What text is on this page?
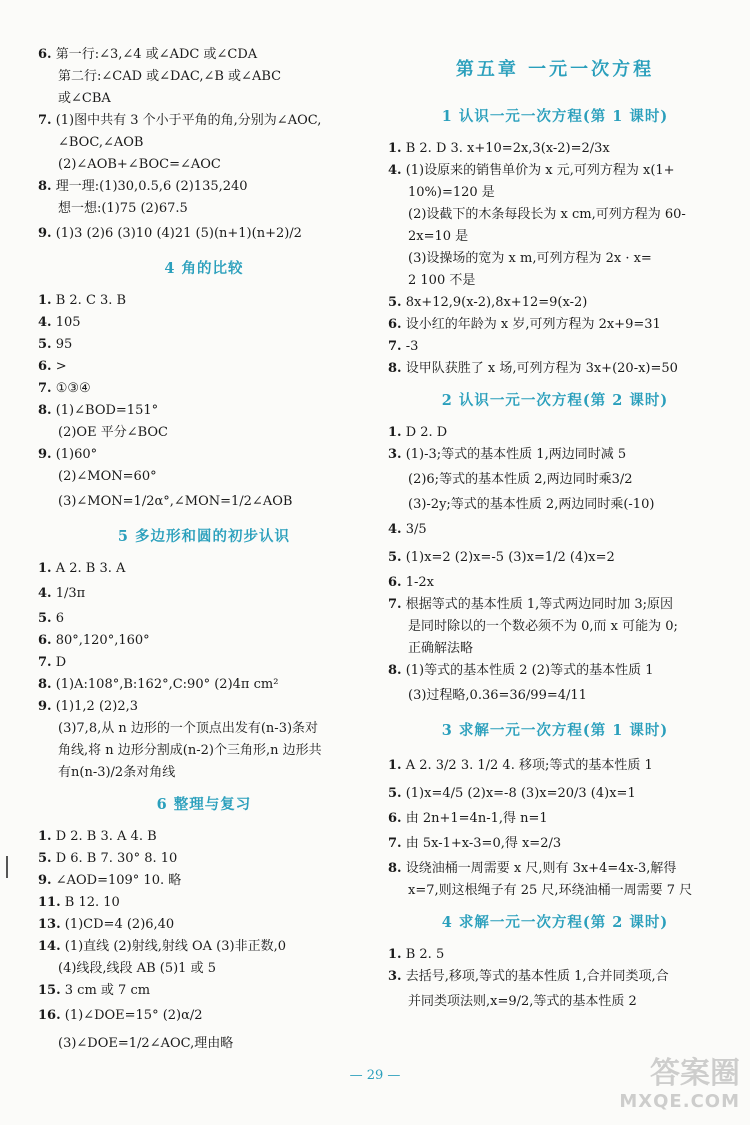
6. 第一行:∠3,∠4 或∠ADC 或∠CDA
第二行:∠CAD 或∠DAC,∠B 或∠ABC
或∠CBA
7. (1)图中共有 3 个小于平角的角,分别为∠AOC,
∠BOC,∠AOB
(2)∠AOB+∠BOC=∠AOC
8. 理一理:(1)30,0.5,6 (2)135,240
想一想:(1)75 (2)67.5
9. (1)3 (2)6 (3)10 (4)21 (5)(n+1)(n+2)/2
4 角的比较
1. B 2. C 3. B
4. 105
5. 95
6. >
7. ①③④
8. (1)∠BOD=151°
(2)OE 平分∠BOC
9. (1)60°
(2)∠MON=60°
(3)∠MON=1/2α°,∠MON=1/2∠AOB
5 多边形和圆的初步认识
1. A 2. B 3. A
4. 1/3π
5. 6
6. 80°,120°,160°
7. D
8. (1)A:108°,B:162°,C:90° (2)4π cm²
9. (1)1,2 (2)2,3
(3)7,8,从 n 边形的一个顶点出发有(n-3)条对
角线,将 n 边形分割成(n-2)个三角形,n 边形共
有n(n-3)/2条对角线
6 整理与复习
1. D 2. B 3. A 4. B
5. D 6. B 7. 30° 8. 10
9. ∠AOD=109° 10. 略
11. B 12. 10
13. (1)CD=4 (2)6,40
14. (1)直线 (2)射线,射线 OA (3)非正数,0
(4)线段,线段 AB (5)1 或 5
15. 3 cm 或 7 cm
16. (1)∠DOE=15° (2)α/2
(3)∠DOE=1/2∠AOC,理由略
第五章 一元一次方程
1 认识一元一次方程(第 1 课时)
1. B 2. D 3. x+10=2x,3(x-2)=2/3x
4. (1)设原来的销售单价为 x 元,可列方程为 x(1+
10%)=120 是
(2)设截下的木条每段长为 x cm,可列方程为 60-
2x=10 是
(3)设操场的宽为 x m,可列方程为 2x · x=
2 100 不是
5. 8x+12,9(x-2),8x+12=9(x-2)
6. 设小红的年龄为 x 岁,可列方程为 2x+9=31
7. -3
8. 设甲队获胜了 x 场,可列方程为 3x+(20-x)=50
2 认识一元一次方程(第 2 课时)
1. D 2. D
3. (1)-3;等式的基本性质 1,两边同时减 5
(2)6;等式的基本性质 2,两边同时乘3/2
(3)-2y;等式的基本性质 2,两边同时乘(-10)
4. 3/5
5. (1)x=2 (2)x=-5 (3)x=1/2 (4)x=2
6. 1-2x
7. 根据等式的基本性质 1,等式两边同时加 3;原因
是同时除以的一个数必须不为 0,而 x 可能为 0;
正确解法略
8. (1)等式的基本性质 2 (2)等式的基本性质 1
(3)过程略,0.36=36/99=4/11
3 求解一元一次方程(第 1 课时)
1. A 2. 3/2 3. 1/2 4. 移项;等式的基本性质 1
5. (1)x=4/5 (2)x=-8 (3)x=20/3 (4)x=1
6. 由 2n+1=4n-1,得 n=1
7. 由 5x-1+x-3=0,得 x=2/3
8. 设绕油桶一周需要 x 尺,则有 3x+4=4x-3,解得
x=7,则这根绳子有 25 尺,环绕油桶一周需要 7 尺
4 求解一元一次方程(第 2 课时)
1. B 2. 5
3. 去括号,移项,等式的基本性质 1,合并同类项,合
并同类项法则,x=9/2,等式的基本性质 2
— 29 —	答案圈
MXQE.COM
